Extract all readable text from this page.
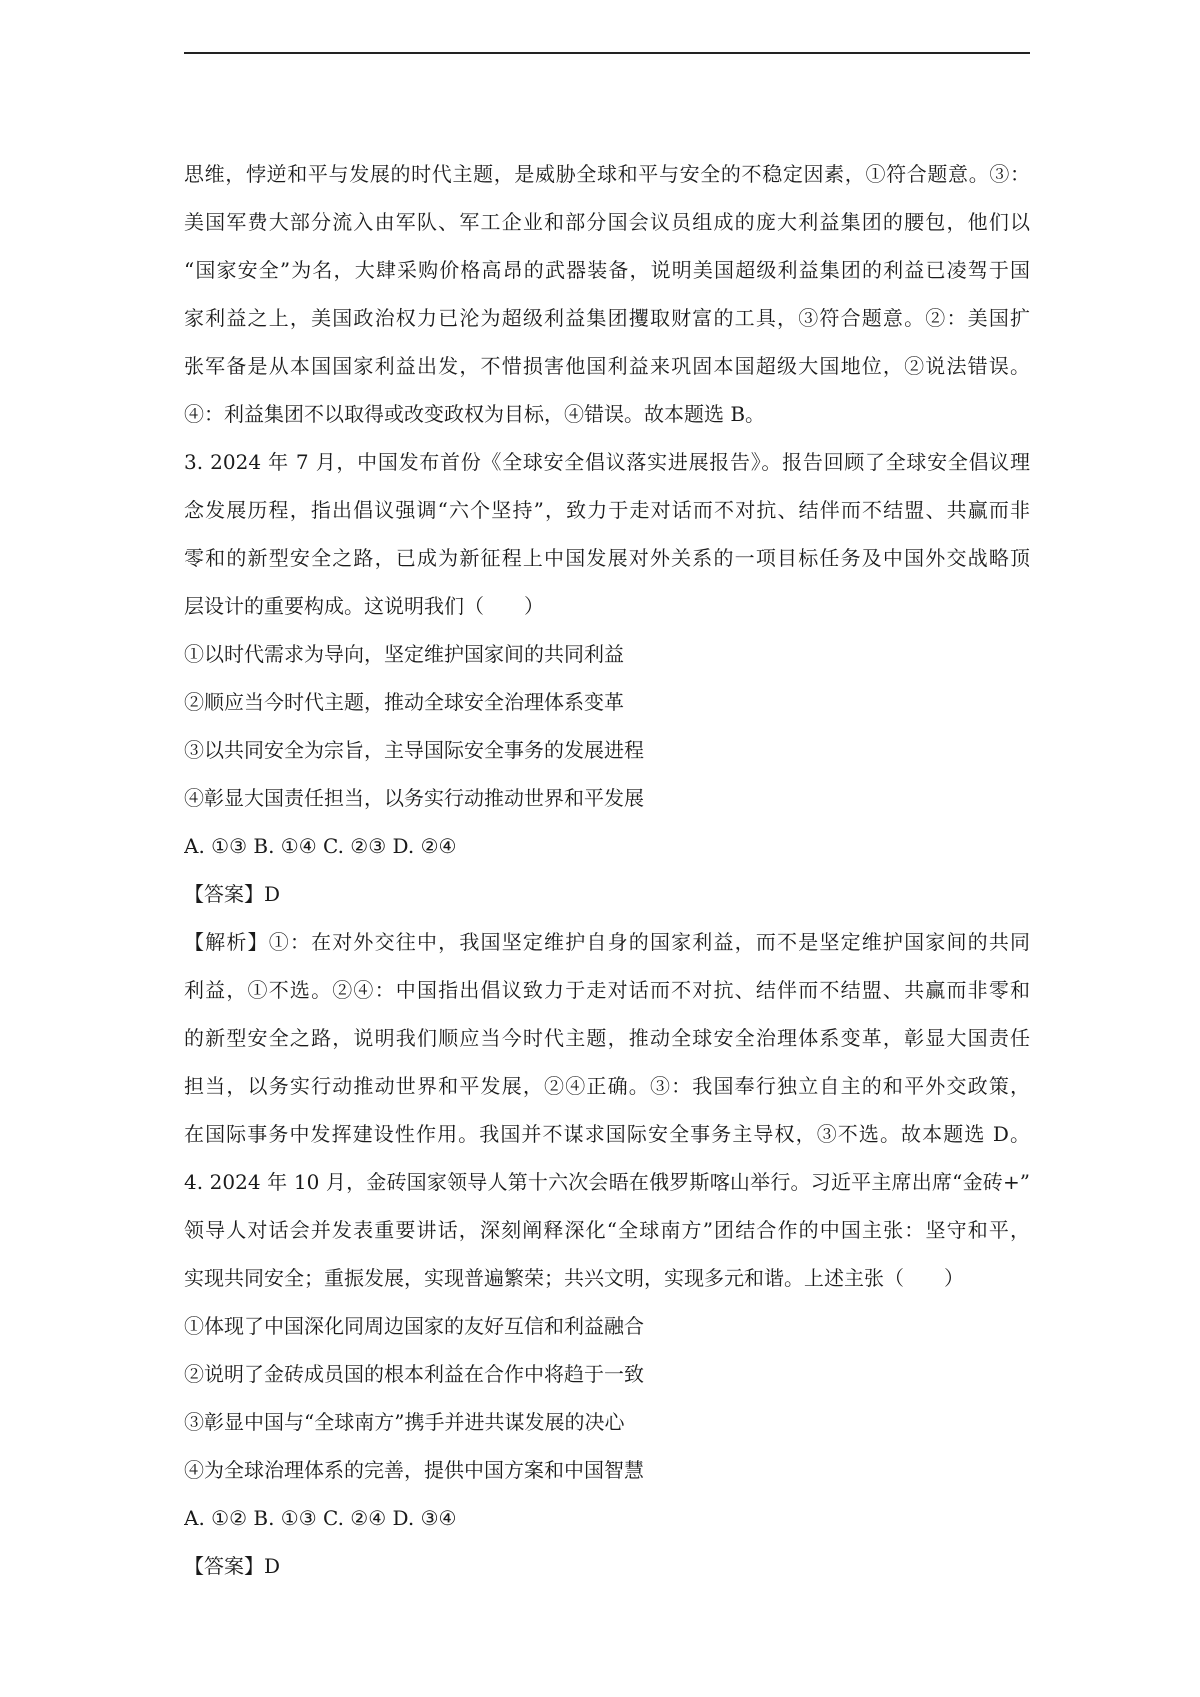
思维，悖逆和平与发展的时代主题，是威胁全球和平与安全的不稳定因素，①符合题意。③：
美国军费大部分流入由军队、军工企业和部分国会议员组成的庞大利益集团的腰包，他们以
“国家安全”为名，大肆采购价格高昂的武器装备，说明美国超级利益集团的利益已凌驾于国
家利益之上，美国政治权力已沦为超级利益集团攫取财富的工具，③符合题意。②：美国扩
张军备是从本国国家利益出发，不惜损害他国利益来巩固本国超级大国地位，②说法错误。
④：利益集团不以取得或改变政权为目标，④错误。故本题选 B。
3. 2024 年 7 月，中国发布首份《全球安全倡议落实进展报告》。报告回顾了全球安全倡议理
念发展历程，指出倡议强调“六个坚持”，致力于走对话而不对抗、结伴而不结盟、共赢而非
零和的新型安全之路，已成为新征程上中国发展对外关系的一项目标任务及中国外交战略顶
层设计的重要构成。这说明我们（　　）
①以时代需求为导向，坚定维护国家间的共同利益
②顺应当今时代主题，推动全球安全治理体系变革
③以共同安全为宗旨，主导国际安全事务的发展进程
④彰显大国责任担当，以务实行动推动世界和平发展
A. ①③ B. ①④ C. ②③ D. ②④
【答案】D
【解析】①：在对外交往中，我国坚定维护自身的国家利益，而不是坚定维护国家间的共同
利益，①不选。②④：中国指出倡议致力于走对话而不对抗、结伴而不结盟、共赢而非零和
的新型安全之路，说明我们顺应当今时代主题，推动全球安全治理体系变革，彰显大国责任
担当，以务实行动推动世界和平发展，②④正确。③：我国奉行独立自主的和平外交政策，
在国际事务中发挥建设性作用。我国并不谋求国际安全事务主导权，③不选。故本题选 D。
4. 2024 年 10 月，金砖国家领导人第十六次会晤在俄罗斯喀山举行。习近平主席出席“金砖+”
领导人对话会并发表重要讲话，深刻阐释深化“全球南方”团结合作的中国主张：坚守和平，
实现共同安全；重振发展，实现普遍繁荣；共兴文明，实现多元和谐。上述主张（　　）
①体现了中国深化同周边国家的友好互信和利益融合
②说明了金砖成员国的根本利益在合作中将趋于一致
③彰显中国与“全球南方”携手并进共谋发展的决心
④为全球治理体系的完善，提供中国方案和中国智慧
A. ①② B. ①③ C. ②④ D. ③④
【答案】D
